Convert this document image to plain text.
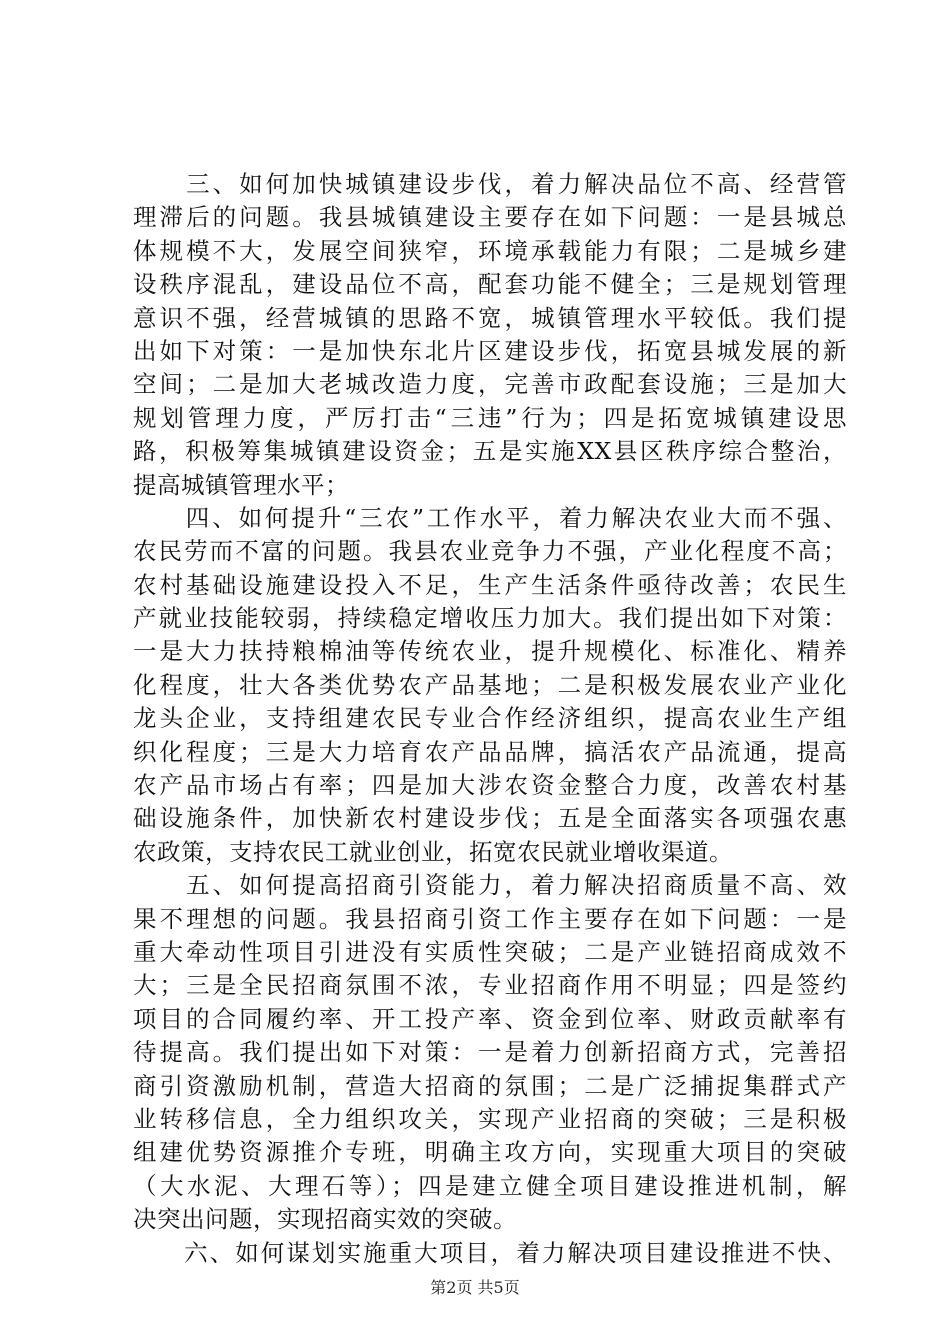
　　三、如何加快城镇建设步伐，着力解决品位不高、经营管
理滞后的问题。我县城镇建设主要存在如下问题：一是县城总
体规模不大，发展空间狭窄，环境承载能力有限；二是城乡建
设秩序混乱，建设品位不高，配套功能不健全；三是规划管理
意识不强，经营城镇的思路不宽，城镇管理水平较低。我们提
出如下对策：一是加快东北片区建设步伐，拓宽县城发展的新
空间；二是加大老城改造力度，完善市政配套设施；三是加大
规划管理力度，严厉打击“三违”行为；四是拓宽城镇建设思
路，积极筹集城镇建设资金；五是实施XX县区秩序综合整治，
提高城镇管理水平；
　　四、如何提升“三农”工作水平，着力解决农业大而不强、
农民劳而不富的问题。我县农业竞争力不强，产业化程度不高；
农村基础设施建设投入不足，生产生活条件亟待改善；农民生
产就业技能较弱，持续稳定增收压力加大。我们提出如下对策：
一是大力扶持粮棉油等传统农业，提升规模化、标准化、精养
化程度，壮大各类优势农产品基地；二是积极发展农业产业化
龙头企业，支持组建农民专业合作经济组织，提高农业生产组
织化程度；三是大力培育农产品品牌，搞活农产品流通，提高
农产品市场占有率；四是加大涉农资金整合力度，改善农村基
础设施条件，加快新农村建设步伐；五是全面落实各项强农惠
农政策，支持农民工就业创业，拓宽农民就业增收渠道。
　　五、如何提高招商引资能力，着力解决招商质量不高、效
果不理想的问题。我县招商引资工作主要存在如下问题：一是
重大牵动性项目引进没有实质性突破；二是产业链招商成效不
大；三是全民招商氛围不浓，专业招商作用不明显；四是签约
项目的合同履约率、开工投产率、资金到位率、财政贡献率有
待提高。我们提出如下对策：一是着力创新招商方式，完善招
商引资激励机制，营造大招商的氛围；二是广泛捕捉集群式产
业转移信息，全力组织攻关，实现产业招商的突破；三是积极
组建优势资源推介专班，明确主攻方向，实现重大项目的突破
（大水泥、大理石等）；四是建立健全项目建设推进机制，解
决突出问题，实现招商实效的突破。
　　六、如何谋划实施重大项目，着力解决项目建设推进不快、
第2页 共5页
